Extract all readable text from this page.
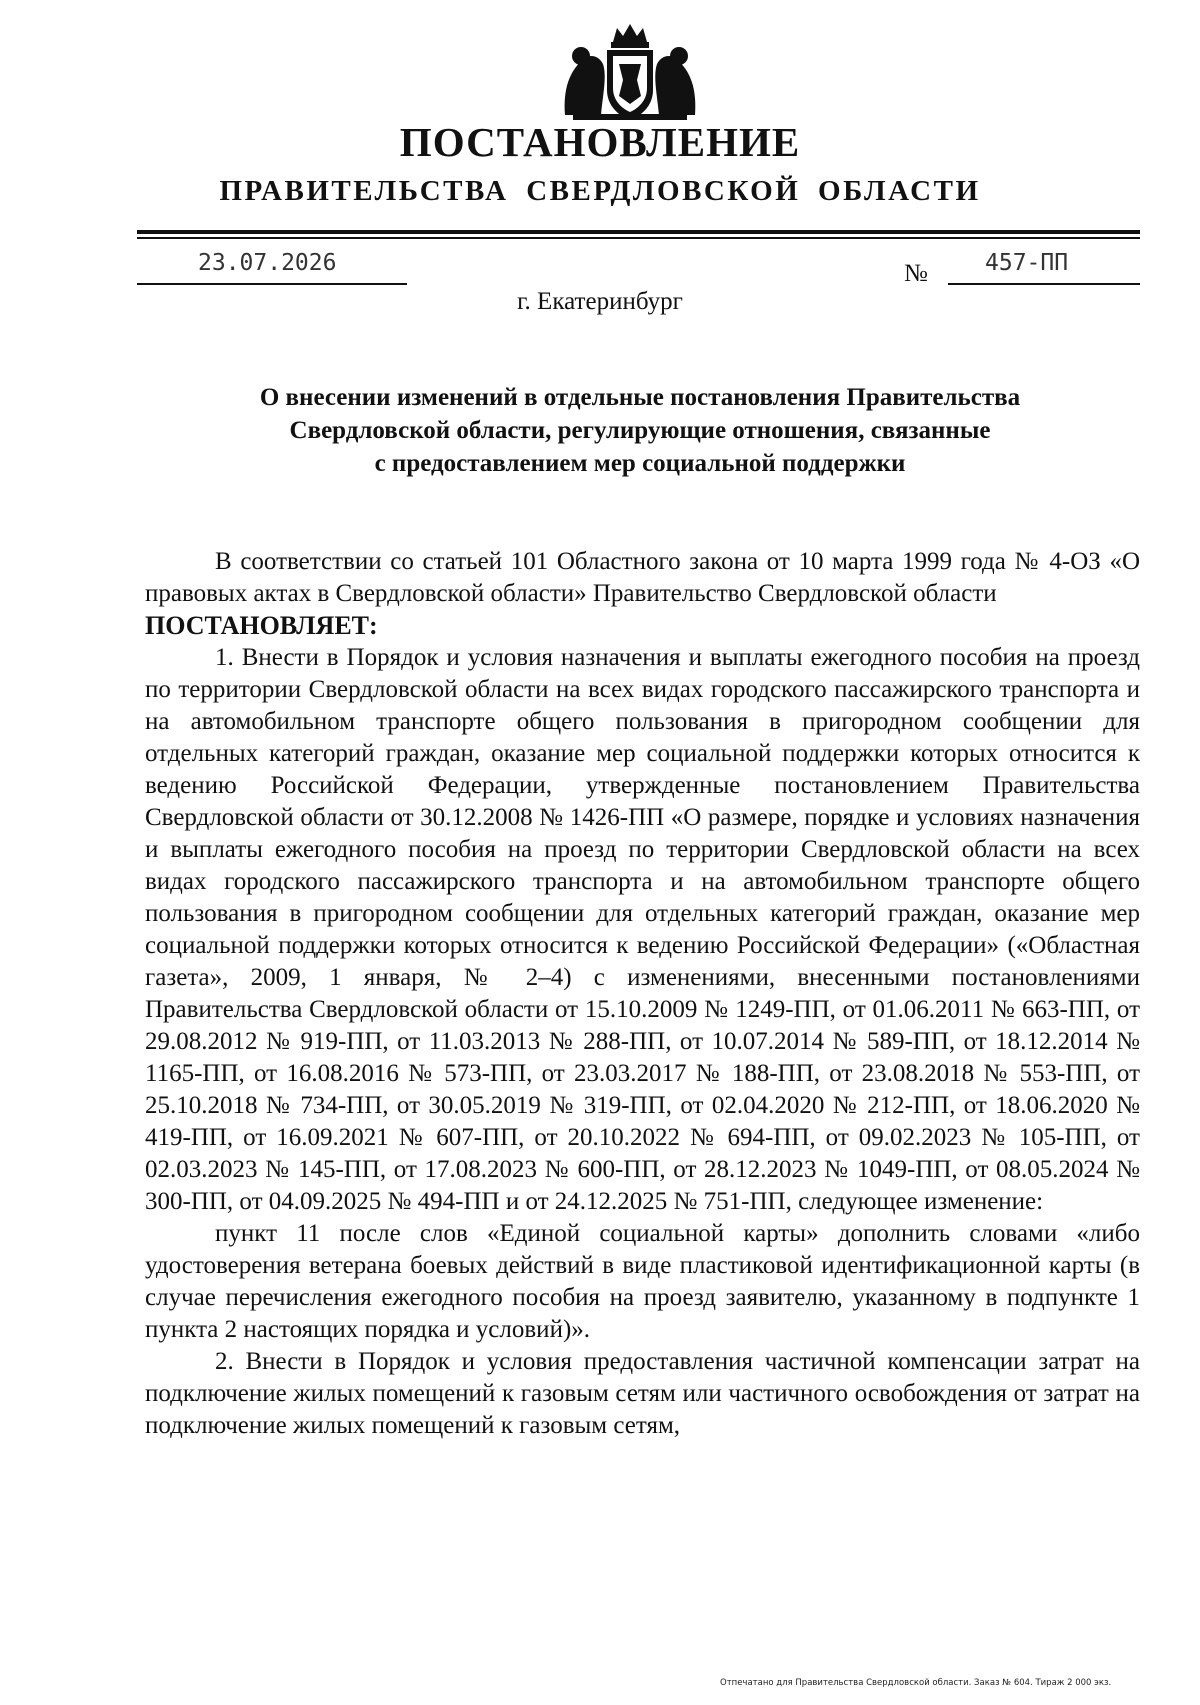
ПОСТАНОВЛЕНИЕ
ПРАВИТЕЛЬСТВА СВЕРДЛОВСКОЙ ОБЛАСТИ
23.07.2026	№ 457-ПП
г. Екатеринбург
О внесении изменений в отдельные постановления Правительства
Свердловской области, регулирующие отношения, связанные
с предоставлением мер социальной поддержки

В соответствии со статьей 101 Областного закона от 10 марта 1999 года № 4-ОЗ «О правовых актах в Свердловской области» Правительство Свердловской области

ПОСТАНОВЛЯЕТ:

1. Внести в Порядок и условия назначения и выплаты ежегодного пособия на проезд по территории Свердловской области на всех видах городского пассажирского транспорта и на автомобильном транспорте общего пользования в пригородном сообщении для отдельных категорий граждан, оказание мер социальной поддержки которых относится к ведению Российской Федерации, утвержденные постановлением Правительства Свердловской области от 30.12.2008 № 1426-ПП «О размере, порядке и условиях назначения и выплаты ежегодного пособия на проезд по территории Свердловской области на всех видах городского пассажирского транспорта и на автомобильном транспорте общего пользования в пригородном сообщении для отдельных категорий граждан, оказание мер социальной поддержки которых относится к ведению Российской Федерации» («Областная газета», 2009, 1 января, № 2–4) с изменениями, внесенными постановлениями Правительства Свердловской области от 15.10.2009 № 1249-ПП, от 01.06.2011 № 663-ПП, от 29.08.2012 № 919-ПП, от 11.03.2013 № 288-ПП, от 10.07.2014 № 589-ПП, от 18.12.2014 № 1165-ПП, от 16.08.2016 № 573-ПП, от 23.03.2017 № 188-ПП, от 23.08.2018 № 553-ПП, от 25.10.2018 № 734-ПП, от 30.05.2019 № 319-ПП, от 02.04.2020 № 212-ПП, от 18.06.2020 № 419-ПП, от 16.09.2021 № 607-ПП, от 20.10.2022 № 694-ПП, от 09.02.2023 № 105-ПП, от 02.03.2023 № 145-ПП, от 17.08.2023 № 600-ПП, от 28.12.2023 № 1049-ПП, от 08.05.2024 № 300-ПП, от 04.09.2025 № 494-ПП и от 24.12.2025 № 751-ПП, следующее изменение:

пункт 11 после слов «Единой социальной карты» дополнить словами «либо удостоверения ветерана боевых действий в виде пластиковой идентификационной карты (в случае перечисления ежегодного пособия на проезд заявителю, указанному в подпункте 1 пункта 2 настоящих порядка и условий)».

2. Внести в Порядок и условия предоставления частичной компенсации затрат на подключение жилых помещений к газовым сетям или частичного освобождения от затрат на подключение жилых помещений к газовым сетям,

Отпечатано для Правительства Свердловской области. Заказ № 604. Тираж 2 000 экз.
